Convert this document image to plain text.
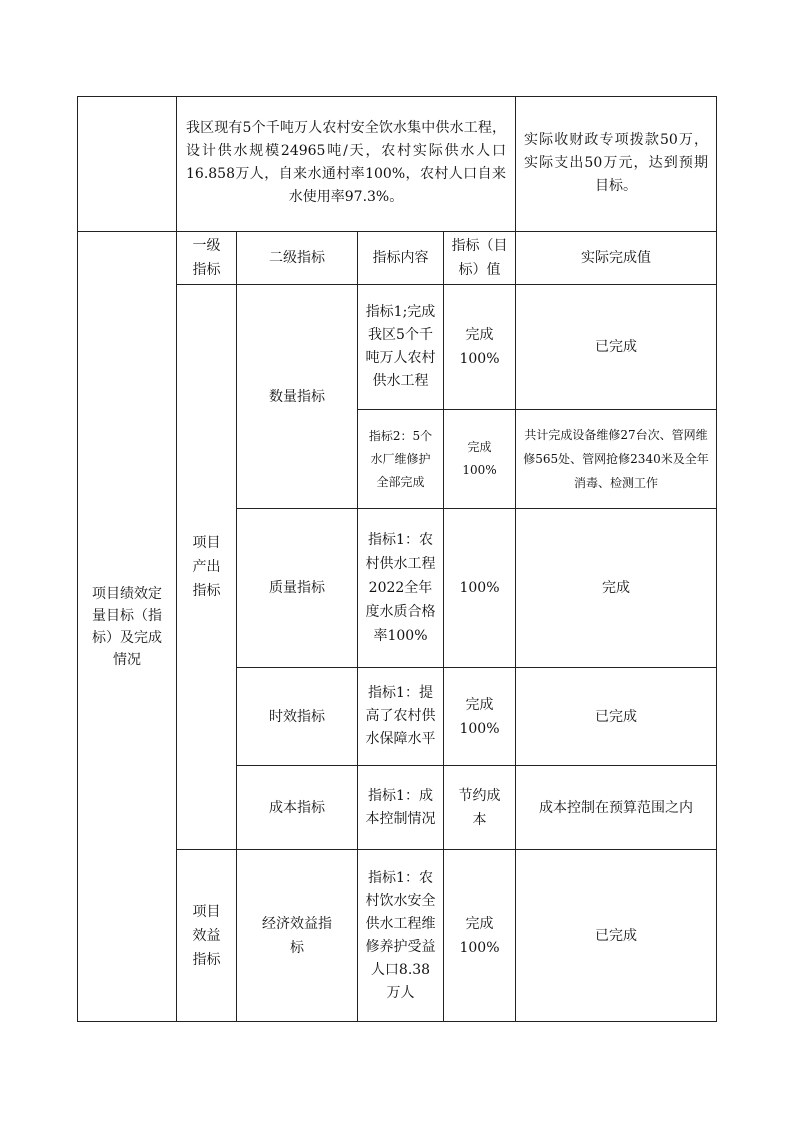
我区现有5个千吨万人农村安全饮水集中供水工程，设计供水规模24965吨/天，农村实际供水人口16.858万人，自来水通村率100%，农村人口自来水使用率97.3%。
实际收财政专项拨款50万，实际支出50万元，达到预期目标。
项目绩效定量目标（指标）及完成情况
一级指标
二级指标	指标内容
指标（目标）值
实际完成值
项目产出指标
项目效益指标
数量指标
质量指标
时效指标
成本指标
经济效益指标
指标1;完成我区5个千吨万人农村供水工程
指标2：5个水厂维修护全部完成
指标1：农村供水工程2022全年度水质合格率100%
指标1：提高了农村供水保障水平
指标1：成本控制情况
指标1：农村饮水安全供水工程维修养护受益人口8.38万人
完成100%
完成100%
100%
完成100%
节约成本
完成100%
已完成
共计完成设备维修27台次、管网维修565处、管网抢修2340米及全年消毒、检测工作
完成
已完成
成本控制在预算范围之内
已完成
